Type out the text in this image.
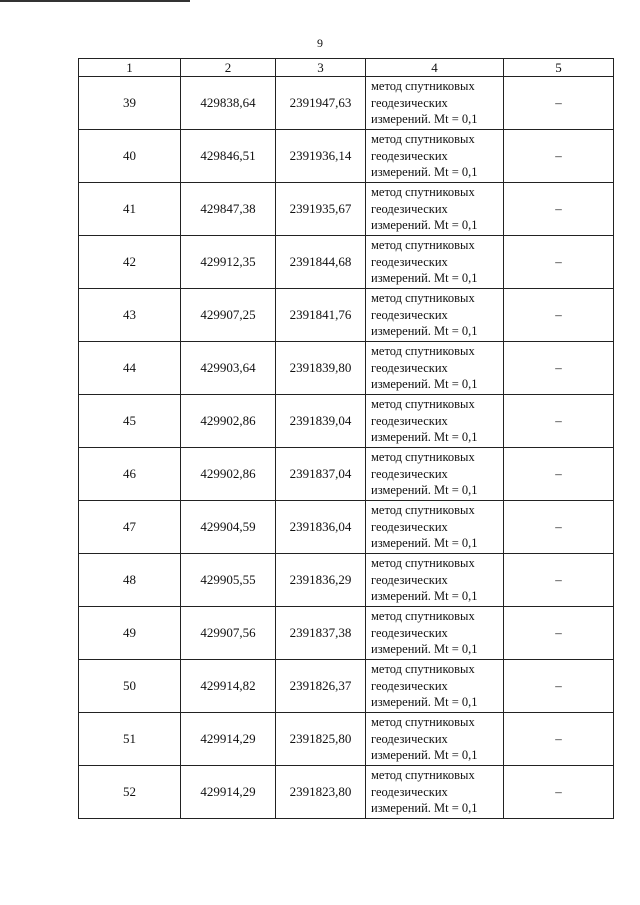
9
1	2	3	4	5
39	429838,64	2391947,63	метод спутниковых
геодезических
измерений. Mt = 0,1	–
40	429846,51	2391936,14	метод спутниковых
геодезических
измерений. Mt = 0,1	–
41	429847,38	2391935,67	метод спутниковых
геодезических
измерений. Mt = 0,1	–
42	429912,35	2391844,68	метод спутниковых
геодезических
измерений. Mt = 0,1	–
43	429907,25	2391841,76	метод спутниковых
геодезических
измерений. Mt = 0,1	–
44	429903,64	2391839,80	метод спутниковых
геодезических
измерений. Mt = 0,1	–
45	429902,86	2391839,04	метод спутниковых
геодезических
измерений. Mt = 0,1	–
46	429902,86	2391837,04	метод спутниковых
геодезических
измерений. Mt = 0,1	–
47	429904,59	2391836,04	метод спутниковых
геодезических
измерений. Mt = 0,1	–
48	429905,55	2391836,29	метод спутниковых
геодезических
измерений. Mt = 0,1	–
49	429907,56	2391837,38	метод спутниковых
геодезических
измерений. Mt = 0,1	–
50	429914,82	2391826,37	метод спутниковых
геодезических
измерений. Mt = 0,1	–
51	429914,29	2391825,80	метод спутниковых
геодезических
измерений. Mt = 0,1	–
52	429914,29	2391823,80	метод спутниковых
геодезических
измерений. Mt = 0,1	–
